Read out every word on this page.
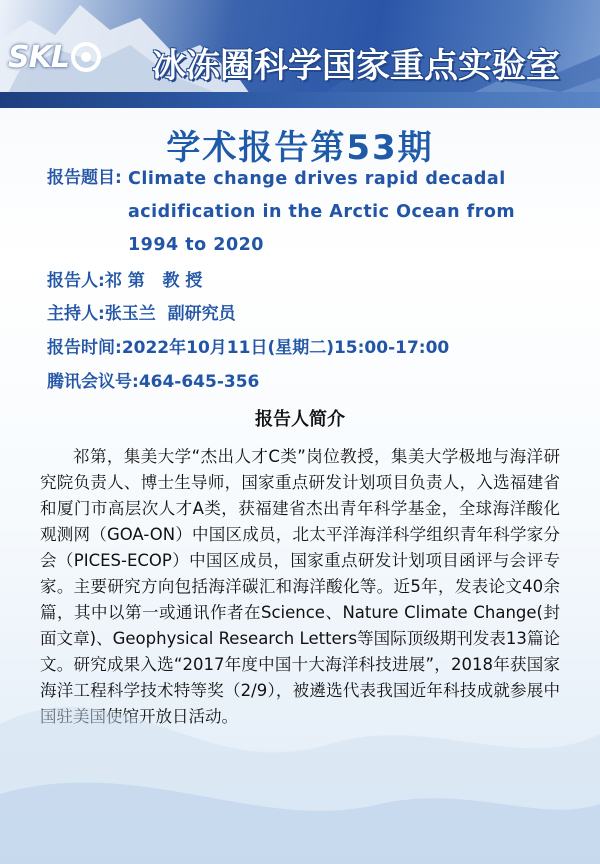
SKL 冰冻圈科学国家重点实验室
学术报告第53期
报告题目: Climate change drives rapid decadal
acidification in the Arctic Ocean from
1994 to 2020
报告人:祁 第   教 授
主持人:张玉兰  副研究员
报告时间:2022年10月11日(星期二)15:00-17:00
腾讯会议号:464-645-356
报告人简介

祁第，集美大学“杰出人才C类”岗位教授，集美大学极地与海洋研究院负责人、博士生导师，国家重点研发计划项目负责人，入选福建省和厦门市高层次人才A类，获福建省杰出青年科学基金，全球海洋酸化观测网（GOA-ON）中国区成员，北太平洋海洋科学组织青年科学家分会（PICES-ECOP）中国区成员，国家重点研发计划项目函评与会评专家。主要研究方向包括海洋碳汇和海洋酸化等。近5年，发表论文40余篇，其中以第一或通讯作者在Science、Nature Climate Change(封面文章)、Geophysical Research Letters等国际顶级期刊发表13篇论文。研究成果入选“2017年度中国十大海洋科技进展”，2018年获国家海洋工程科学技术特等奖（2/9），被遴选代表我国近年科技成就参展中国驻美国使馆开放日活动。
